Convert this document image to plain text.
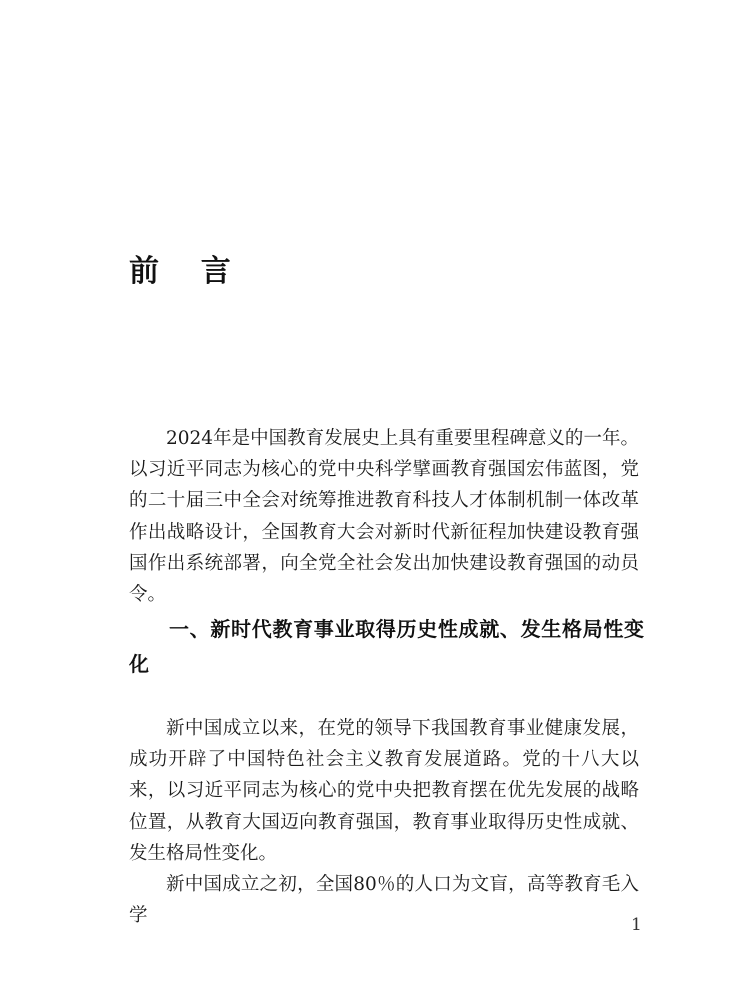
前    言

2024年是中国教育发展史上具有重要里程碑意义的一年。以习近平同志为核心的党中央科学擘画教育强国宏伟蓝图，党的二十届三中全会对统筹推进教育科技人才体制机制一体改革作出战略设计，全国教育大会对新时代新征程加快建设教育强国作出系统部署，向全党全社会发出加快建设教育强国的动员令。

一、新时代教育事业取得历史性成就、发生格局性变化

新中国成立以来，在党的领导下我国教育事业健康发展，成功开辟了中国特色社会主义教育发展道路。党的十八大以来，以习近平同志为核心的党中央把教育摆在优先发展的战略位置，从教育大国迈向教育强国，教育事业取得历史性成就、发生格局性变化。

新中国成立之初，全国80％的人口为文盲，高等教育毛入学	1
